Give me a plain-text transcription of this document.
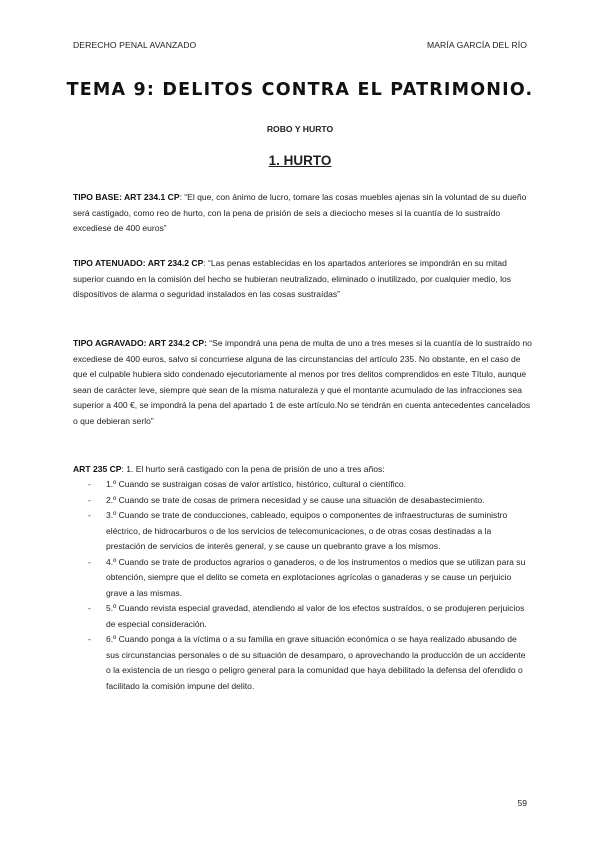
DERECHO PENAL AVANZADO	MARÍA GARCÍA DEL RÍO
TEMA 9: DELITOS CONTRA EL PATRIMONIO.
ROBO Y HURTO
1. HURTO

TIPO BASE: ART 234.1 CP: “El que, con ánimo de lucro, tomare las cosas muebles ajenas sin la voluntad de su dueño será castigado, como reo de hurto, con la pena de prisión de seis a dieciocho meses si la cuantía de lo sustraído excediese de 400 euros”

TIPO ATENUADO: ART 234.2 CP: “Las penas establecidas en los apartados anteriores se impondrán en su mitad superior cuando en la comisión del hecho se hubieran neutralizado, eliminado o inutilizado, por cualquier medio, los dispositivos de alarma o seguridad instalados en las cosas sustraídas”

TIPO AGRAVADO: ART 234.2 CP: “Se impondrá una pena de multa de uno a tres meses si la cuantía de lo sustraído no excediese de 400 euros, salvo si concurriese alguna de las circunstancias del artículo 235. No obstante, en el caso de que el culpable hubiera sido condenado ejecutoriamente al menos por tres delitos comprendidos en este Título, aunque sean de carácter leve, siempre que sean de la misma naturaleza y que el montante acumulado de las infracciones sea superior a 400 €, se impondrá la pena del apartado 1 de este artículo.No se tendrán en cuenta antecedentes cancelados o que debieran serlo”

ART 235 CP: 1. El hurto será castigado con la pena de prisión de uno a tres años:

- 1.º Cuando se sustraigan cosas de valor artístico, histórico, cultural o científico.
- 2.º Cuando se trate de cosas de primera necesidad y se cause una situación de desabastecimiento.
- 3.º Cuando se trate de conducciones, cableado, equipos o componentes de infraestructuras de suministro eléctrico, de hidrocarburos o de los servicios de telecomunicaciones, o de otras cosas destinadas a la prestación de servicios de interés general, y se cause un quebranto grave a los mismos.
- 4.º Cuando se trate de productos agrarios o ganaderos, o de los instrumentos o medios que se utilizan para su obtención, siempre que el delito se cometa en explotaciones agrícolas o ganaderas y se cause un perjuicio grave a las mismas.
- 5.º Cuando revista especial gravedad, atendiendo al valor de los efectos sustraídos, o se produjeren perjuicios de especial consideración.
- 6.º Cuando ponga a la víctima o a su familia en grave situación económica o se haya realizado abusando de sus circunstancias personales o de su situación de desamparo, o aprovechando la producción de un accidente o la existencia de un riesgo o peligro general para la comunidad que haya debilitado la defensa del ofendido o facilitado la comisión impune del delito.
59
